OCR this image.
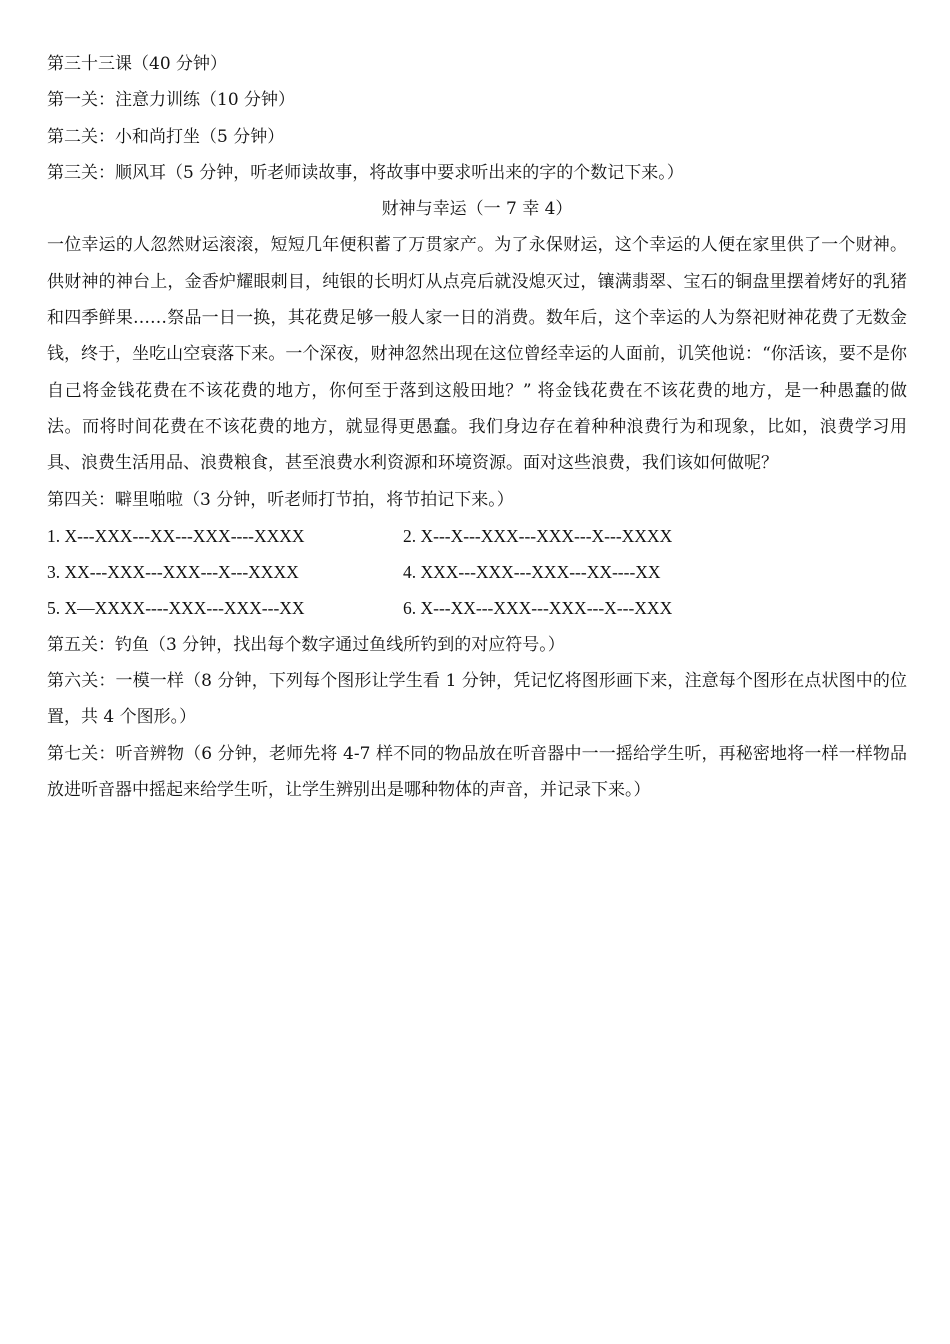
第三十三课（40 分钟）

第一关：注意力训练（10 分钟）

第二关：小和尚打坐（5 分钟）

第三关：顺风耳（5 分钟，听老师读故事，将故事中要求听出来的字的个数记下来。）

财神与幸运（一 7 幸 4）

一位幸运的人忽然财运滚滚，短短几年便积蓄了万贯家产。为了永保财运，这个幸运的人便在家里供了一个财神。供财神的神台上，金香炉耀眼刺目，纯银的长明灯从点亮后就没熄灭过，镶满翡翠、宝石的铜盘里摆着烤好的乳猪和四季鲜果……祭品一日一换，其花费足够一般人家一日的消费。数年后，这个幸运的人为祭祀财神花费了无数金钱，终于，坐吃山空衰落下来。一个深夜，财神忽然出现在这位曾经幸运的人面前，讥笑他说：“你活该，要不是你自己将金钱花费在不该花费的地方，你何至于落到这般田地？” 将金钱花费在不该花费的地方，是一种愚蠢的做法。而将时间花费在不该花费的地方，就显得更愚蠢。我们身边存在着种种浪费行为和现象，比如，浪费学习用具、浪费生活用品、浪费粮食，甚至浪费水利资源和环境资源。面对这些浪费，我们该如何做呢？

第四关：噼里啪啦（3 分钟，听老师打节拍，将节拍记下来。）

1. X---XXX---XX---XXX----XXXX	2. X---X---XXX---XXX---X---XXXX
3. XX---XXX---XXX---X---XXXX	4. XXX---XXX---XXX---XX----XX
5. X—XXXX----XXX---XXX---XX	6. X---XX---XXX---XXX---X---XXX

第五关：钓鱼（3 分钟，找出每个数字通过鱼线所钓到的对应符号。）

第六关：一模一样（8 分钟，下列每个图形让学生看 1 分钟，凭记忆将图形画下来，注意每个图形在点状图中的位置，共 4 个图形。）

第七关：听音辨物（6 分钟，老师先将 4-7 样不同的物品放在听音器中一一摇给学生听，再秘密地将一样一样物品放进听音器中摇起来给学生听，让学生辨别出是哪种物体的声音，并记录下来。）
